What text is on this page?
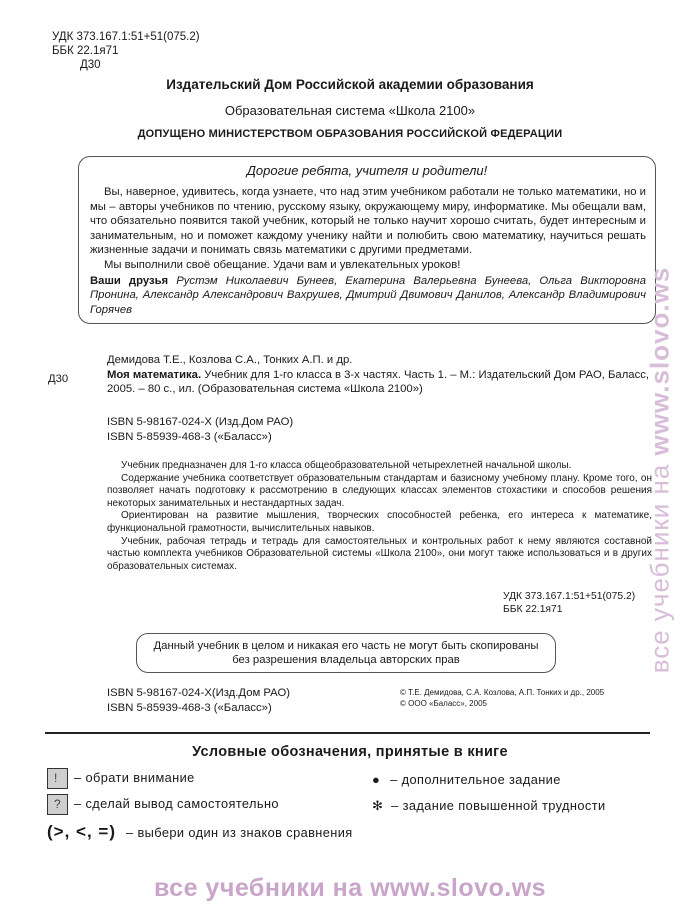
УДК 373.167.1:51+51(075.2)
ББК 22.1я71
Д30
Издательский Дом Российской академии образования
Образовательная система «Школа 2100»
ДОПУЩЕНО МИНИСТЕРСТВОМ ОБРАЗОВАНИЯ РОССИЙСКОЙ ФЕДЕРАЦИИ
Дорогие ребята, учителя и родители!

Вы, наверное, удивитесь, когда узнаете, что над этим учебником работали не только математики, но и мы – авторы учебников по чтению, русскому языку, окружающему миру, информатике. Мы обещали вам, что обязательно появится такой учебник, который не только научит хорошо считать, будет интересным и занимательным, но и поможет каждому ученику найти и полюбить свою математику, научиться решать жизненные задачи и понимать связь математики с другими предметами.

Мы выполнили своё обещание. Удачи вам и увлекательных уроков!

Ваши друзья Рустэм Николаевич Бунеев, Екатерина Валерьевна Бунеева, Ольга Викторовна Пронина, Александр Александрович Вахрушев, Дмитрий Двимович Данилов, Александр Владимирович Горячев
Д30
Демидова Т.Е., Козлова С.А., Тонких А.П. и др.
Моя математика. Учебник для 1-го класса в 3-х частях. Часть 1. – М.: Издательский Дом РАО, Баласс, 2005. – 80 с., ил. (Образовательная система «Школа 2100»)
ISBN 5-98167-024-X (Изд.Дом РАО)
ISBN 5-85939-468-3 («Баласс»)

Учебник предназначен для 1-го класса общеобразовательной четырехлетней начальной школы.

Содержание учебника соответствует образовательным стандартам и базисному учебному плану. Кроме того, он позволяет начать подготовку к рассмотрению в следующих классах элементов стохастики и способов решения некоторых занимательных и нестандартных задач.

Ориентирован на развитие мышления, творческих способностей ребенка, его интереса к математике, функциональной грамотности, вычислительных навыков.

Учебник, рабочая тетрадь и тетрадь для самостоятельных и контрольных работ к нему являются составной частью комплекта учебников Образовательной системы «Школа 2100», они могут также использоваться и в других образовательных системах.

УДК 373.167.1:51+51(075.2)
ББК 22.1я71
Данный учебник в целом и никакая его часть не могут быть скопированы
без разрешения владельца авторских прав
ISBN 5-98167-024-X(Изд.Дом РАО)
ISBN 5-85939-468-3 («Баласс»)
© Т.Е. Демидова, С.А. Козлова, А.П. Тонких и др., 2005
© ООО «Баласс», 2005
Условные обозначения, принятые в книге
! – обрати внимание
? – сделай вывод самостоятельно
● – дополнительное задание
✻ – задание повышенной трудности
(>, <, =) – выбери один из знаков сравнения
все учебники на www.slovo.ws
все учебники на www.slovo.ws
